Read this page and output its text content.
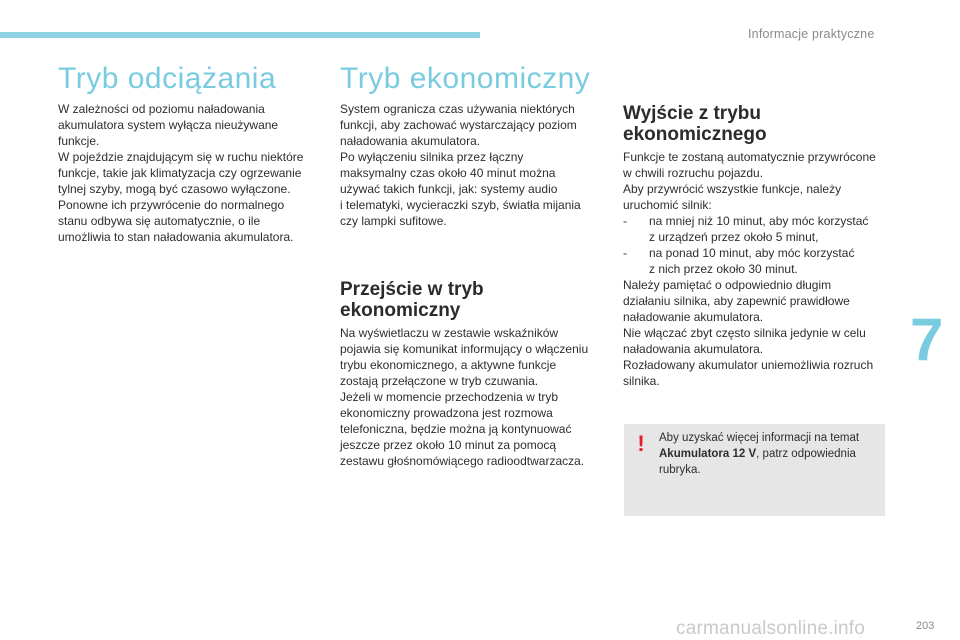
Informacje praktyczne
Tryb odciążania
W zależności od poziomu naładowania
akumulatora system wyłącza nieużywane
funkcje.
W pojeździe znajdującym się w ruchu niektóre
funkcje, takie jak klimatyzacja czy ogrzewanie
tylnej szyby, mogą być czasowo wyłączone.
Ponowne ich przywrócenie do normalnego
stanu odbywa się automatycznie, o ile
umożliwia to stan naładowania akumulatora.
Tryb ekonomiczny
System ogranicza czas używania niektórych
funkcji, aby zachować wystarczający poziom
naładowania akumulatora.
Po wyłączeniu silnika przez łączny
maksymalny czas około 40 minut można
używać takich funkcji, jak: systemy audio
i telematyki, wycieraczki szyb, światła mijania
czy lampki sufitowe.
Przejście w tryb
ekonomiczny
Na wyświetlaczu w zestawie wskaźników
pojawia się komunikat informujący o włączeniu
trybu ekonomicznego, a aktywne funkcje
zostają przełączone w tryb czuwania.
Jeżeli w momencie przechodzenia w tryb
ekonomiczny prowadzona jest rozmowa
telefoniczna, będzie można ją kontynuować
jeszcze przez około 10 minut za pomocą
zestawu głośnomówiącego radioodtwarzacza.
Wyjście z trybu
ekonomicznego
Funkcje te zostaną automatycznie przywrócone
w chwili rozruchu pojazdu.
Aby przywrócić wszystkie funkcje, należy
uruchomić silnik:
- na mniej niż 10 minut, aby móc korzystać
z urządzeń przez około 5 minut,
- na ponad 10 minut, aby móc korzystać
z nich przez około 30 minut.
Należy pamiętać o odpowiednio długim
działaniu silnika, aby zapewnić prawidłowe
naładowanie akumulatora.
Nie włączać zbyt często silnika jedynie w celu
naładowania akumulatora.
Rozładowany akumulator uniemożliwia rozruch
silnika.
! Aby uzyskać więcej informacji na temat Akumulatora 12 V, patrz odpowiednia rubryka.
7
203
carmanualsonline.info
